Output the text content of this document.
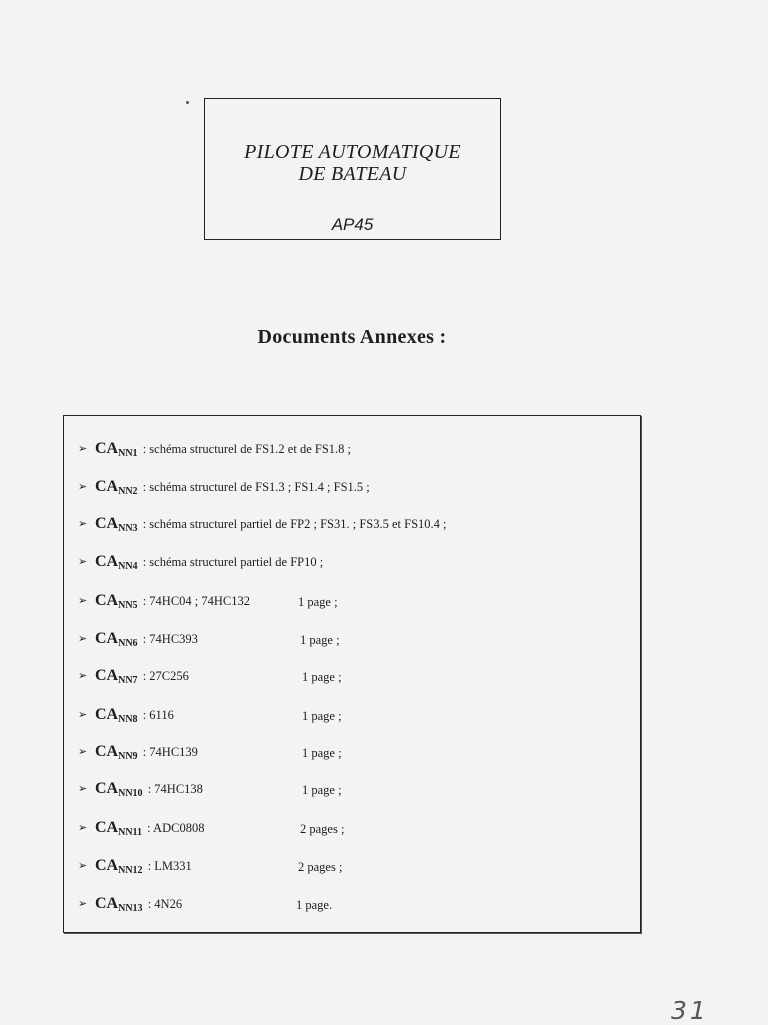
PILOTE AUTOMATIQUE
DE BATEAU
AP45
Documents Annexes :
➢ $CA_{NN1}$ : schéma structurel de FS1.2 et de FS1.8 ;
➢ $CA_{NN2}$ : schéma structurel de FS1.3 ; FS1.4 ; FS1.5 ;
➢ $CA_{NN3}$ : schéma structurel partiel de FP2 ; FS31. ; FS3.5 et FS10.4 ;
➢ $CA_{NN4}$ : schéma structurel partiel de FP10 ;
➢ $CA_{NN5}$ : 74HC04 ; 74HC132	1 page ;
➢ $CA_{NN6}$ : 74HC393	1 page ;
➢ $CA_{NN7}$ : 27C256	1 page ;
➢ $CA_{NN8}$ : 6116	1 page ;
➢ $CA_{NN9}$ : 74HC139	1 page ;
➢ $CA_{NN10}$ : 74HC138	1 page ;
➢ $CA_{NN11}$ : ADC0808	2 pages ;
➢ $CA_{NN12}$ : LM331	2 pages ;
➢ $CA_{NN13}$ : 4N26	1 page.
31
